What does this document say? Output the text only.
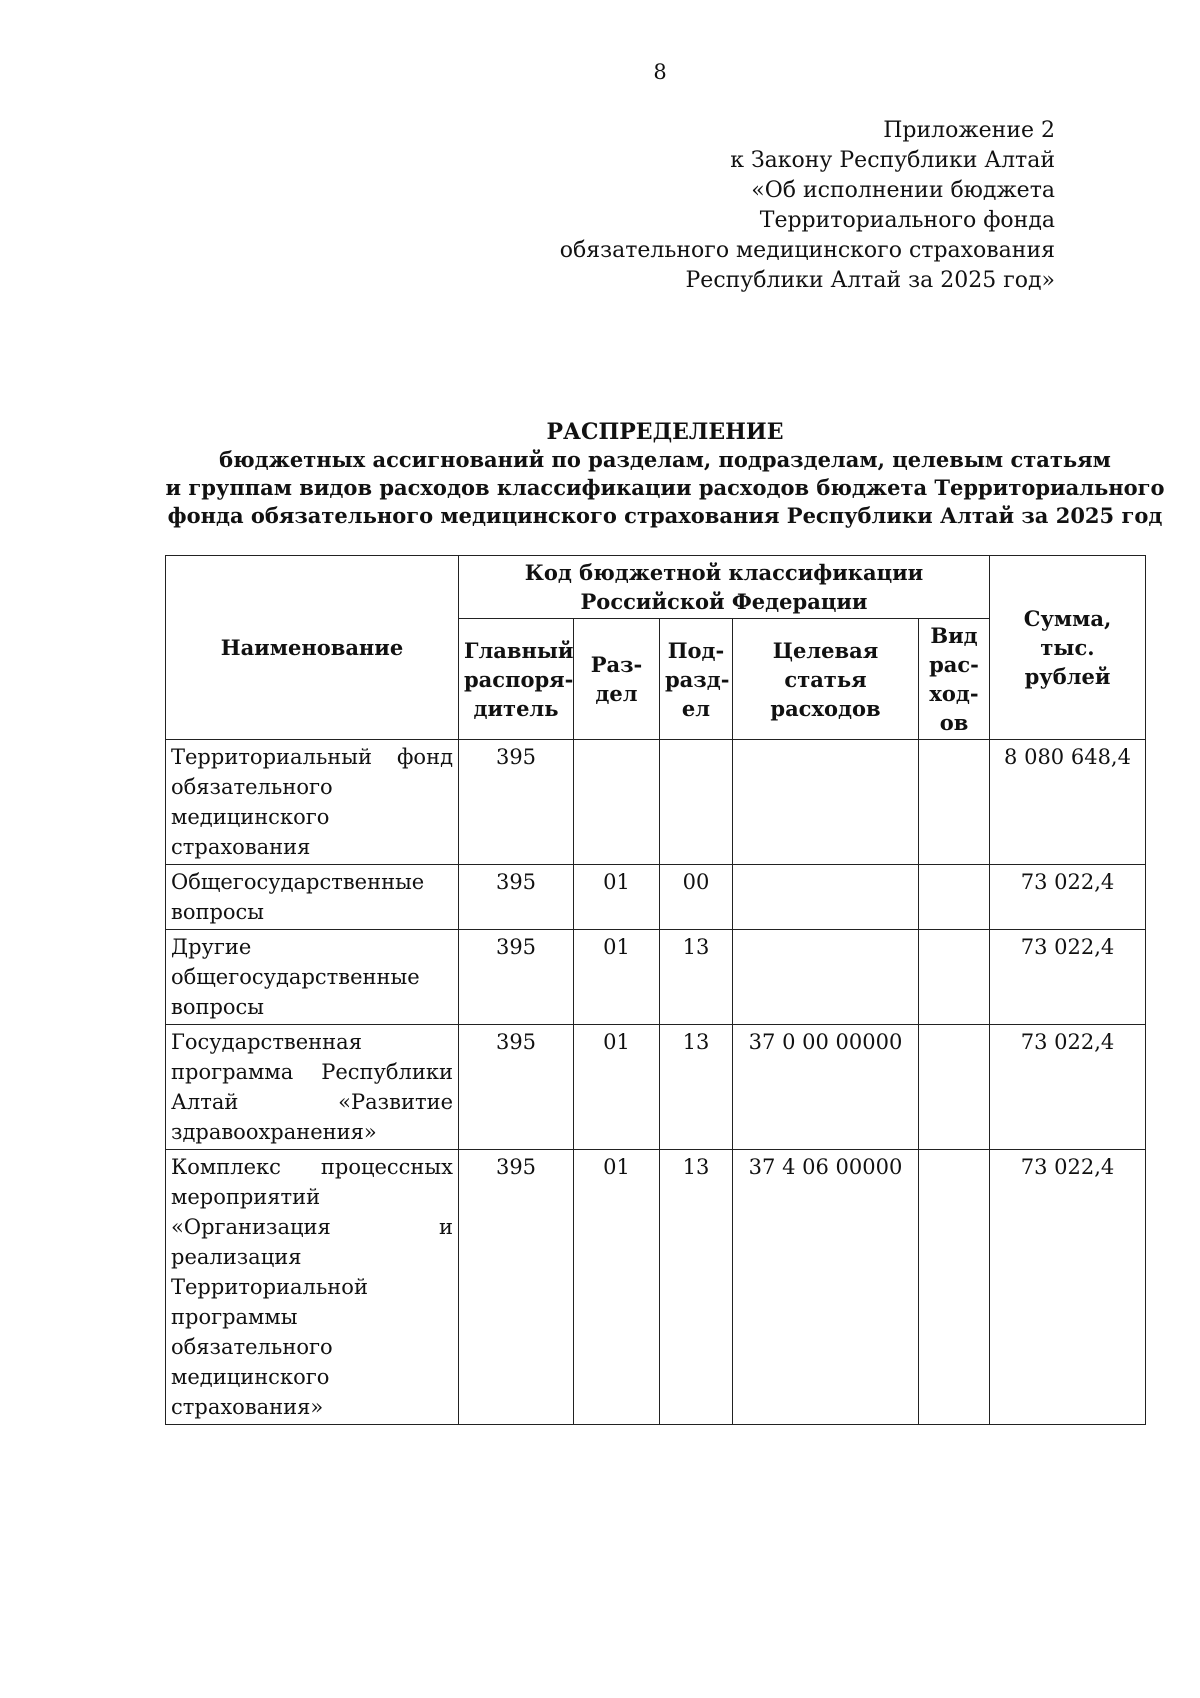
8
Приложение 2
к Закону Республики Алтай
«Об исполнении бюджета
Территориального фонда
обязательного медицинского страхования
Республики Алтай за 2025 год»
РАСПРЕДЕЛЕНИЕ
бюджетных ассигнований по разделам, подразделам, целевым статьям
и группам видов расходов классификации расходов бюджета Территориального
фонда обязательного медицинского страхования Республики Алтай за 2025 год
Наименование	Код бюджетной классификации Российской Федерации					Сумма, тыс. рублей
	Главный распоря-дитель	Раз-дел	Под-разд-ел	Целевая статья расходов	Вид рас-ход-ов	
Территориальный фонд обязательного медицинского страхования	395					8 080 648,4
Общегосударственные вопросы	395	01	00			73 022,4
Другие общегосударственные вопросы	395	01	13			73 022,4
Государственная программа Республики Алтай «Развитие здравоохранения»	395	01	13	37 0 00 00000		73 022,4
Комплекс процессных мероприятий «Организация и реализация Территориальной программы обязательного медицинского страхования»	395	01	13	37 4 06 00000		73 022,4
